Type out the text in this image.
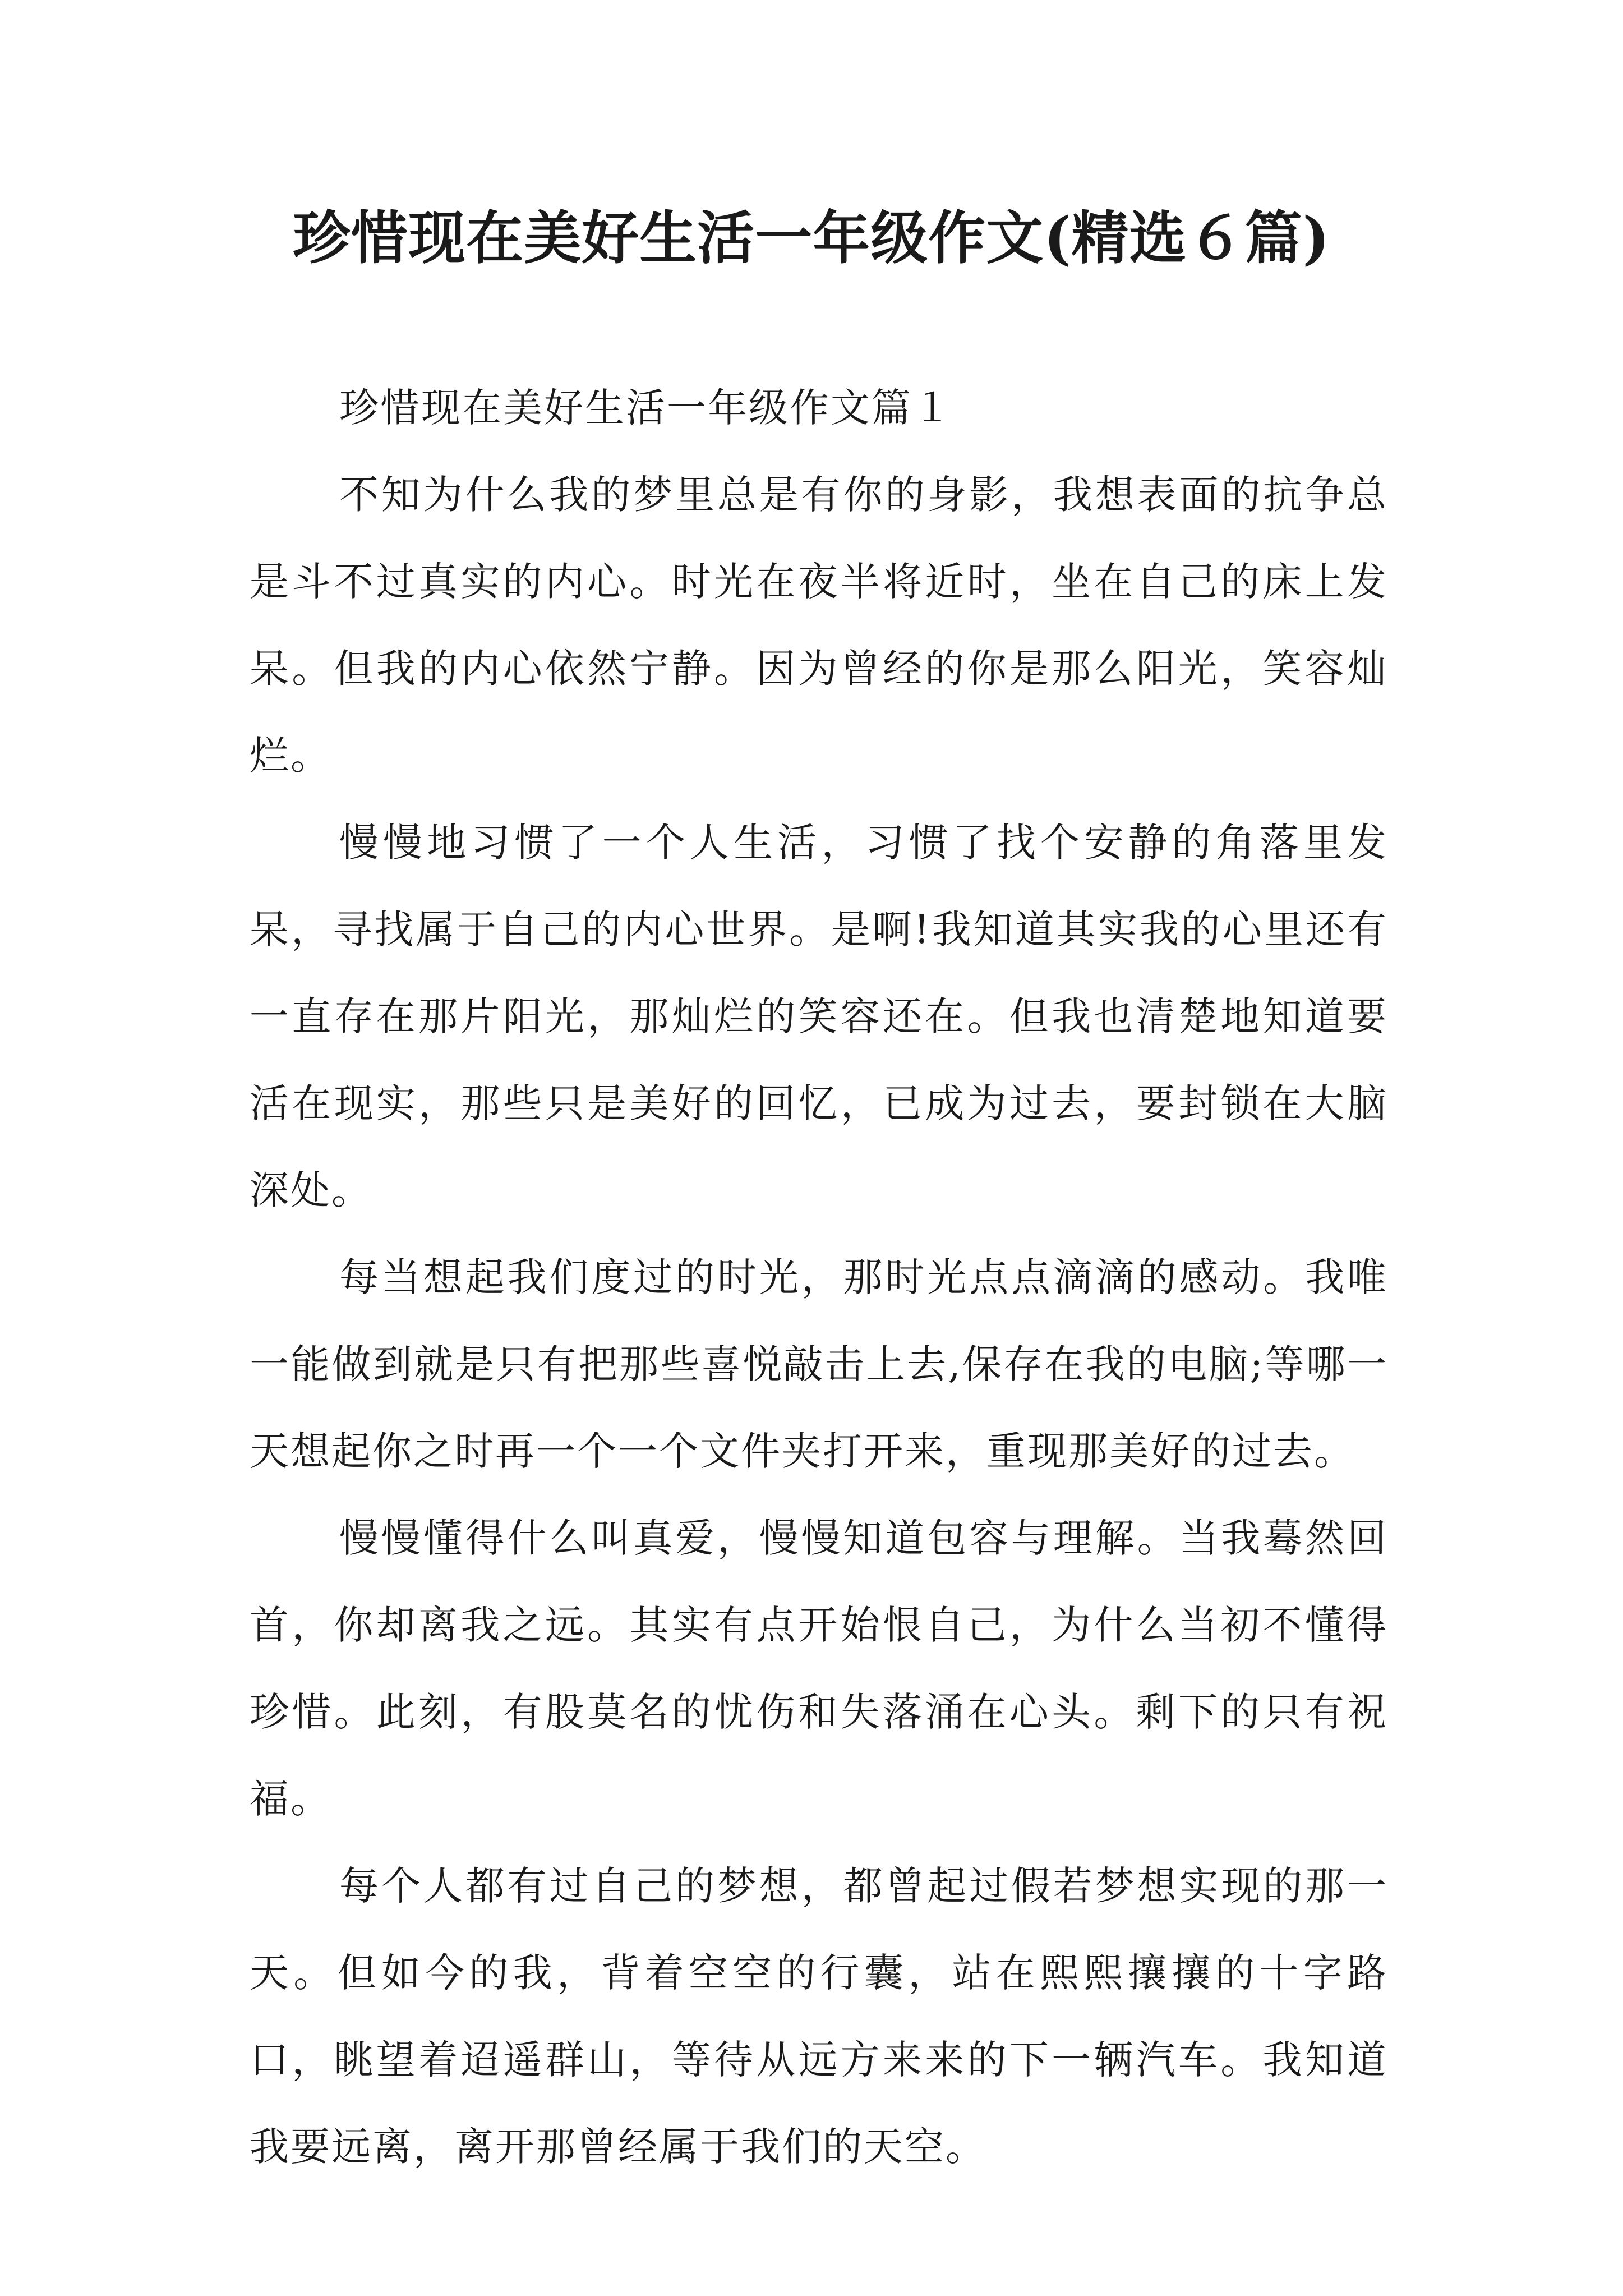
珍惜现在美好生活一年级作文(精选６篇)

珍惜现在美好生活一年级作文篇１

不知为什么我的梦里总是有你的身影，我想表面的抗争总是斗不过真实的内心。时光在夜半将近时，坐在自己的床上发呆。但我的内心依然宁静。因为曾经的你是那么阳光，笑容灿烂。

慢慢地习惯了一个人生活，习惯了找个安静的角落里发呆，寻找属于自己的内心世界。是啊!我知道其实我的心里还有一直存在那片阳光，那灿烂的笑容还在。但我也清楚地知道要活在现实，那些只是美好的回忆，已成为过去，要封锁在大脑深处。

每当想起我们度过的时光，那时光点点滴滴的感动。我唯一能做到就是只有把那些喜悦敲击上去,保存在我的电脑;等哪一天想起你之时再一个一个文件夹打开来，重现那美好的过去。

慢慢懂得什么叫真爱，慢慢知道包容与理解。当我蓦然回首，你却离我之远。其实有点开始恨自己，为什么当初不懂得珍惜。此刻，有股莫名的忧伤和失落涌在心头。剩下的只有祝福。

每个人都有过自己的梦想，都曾起过假若梦想实现的那一天。但如今的我，背着空空的行囊，站在熙熙攘攘的十字路口，眺望着迢遥群山，等待从远方来来的下一辆汽车。我知道我要远离，离开那曾经属于我们的天空。
